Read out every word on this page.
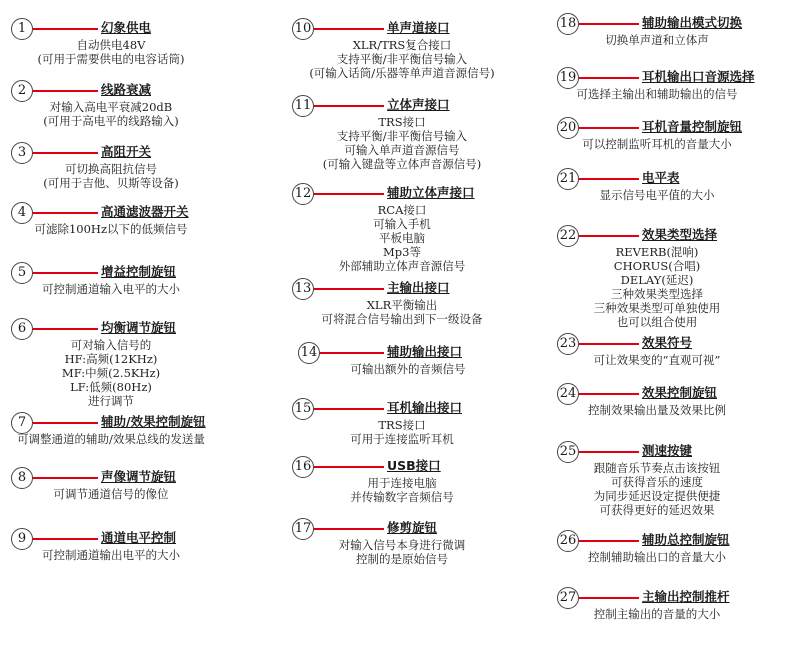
1	幻象供电
自动供电48V
(可用于需要供电的电容话筒)
2	线路衰减
对输入高电平衰减20dB
(可用于高电平的线路输入)
3	高阻开关
可切换高阻抗信号
(可用于吉他、贝斯等设备)
4	高通滤波器开关
可滤除100Hz以下的低频信号
5	增益控制旋钮
可控制通道输入电平的大小
6	均衡调节旋钮
可对输入信号的
HF:高频(12KHz)
MF:中频(2.5KHz)
LF:低频(80Hz)
进行调节
7	辅助/效果控制旋钮
可调整通道的辅助/效果总线的发送量
8	声像调节旋钮
可调节通道信号的像位
9	通道电平控制
可控制通道输出电平的大小
10	单声道接口
XLR/TRS复合接口
支持平衡/非平衡信号输入
(可输入话筒/乐器等单声道音源信号)
11	立体声接口
TRS接口
支持平衡/非平衡信号输入
可输入单声道音源信号
(可输入键盘等立体声音源信号)
12	辅助立体声接口
RCA接口
可输入手机
平板电脑
Mp3等
外部辅助立体声音源信号
13	主输出接口
XLR平衡输出
可将混合信号输出到下一级设备
14	辅助输出接口
可输出额外的音频信号
15	耳机输出接口
TRS接口
可用于连接监听耳机
16	USB接口
用于连接电脑
并传输数字音频信号
17	修剪旋钮
对输入信号本身进行微调
控制的是原始信号
18	辅助输出模式切换
切换单声道和立体声
19	耳机输出口音源选择
可选择主输出和辅助输出的信号
20	耳机音量控制旋钮
可以控制监听耳机的音量大小
21	电平表
显示信号电平值的大小
22	效果类型选择
REVERB(混响)
CHORUS(合唱)
DELAY(延迟)
三种效果类型选择
三种效果类型可单独使用
也可以组合使用
23	效果符号
可让效果变的“直观可视”
24	效果控制旋钮
控制效果输出量及效果比例
25	测速按键
跟随音乐节奏点击该按钮
可获得音乐的速度
为同步延迟设定提供便捷
可获得更好的延迟效果
26	辅助总控制旋钮
控制辅助输出口的音量大小
27	主输出控制推杆
控制主输出的音量的大小
